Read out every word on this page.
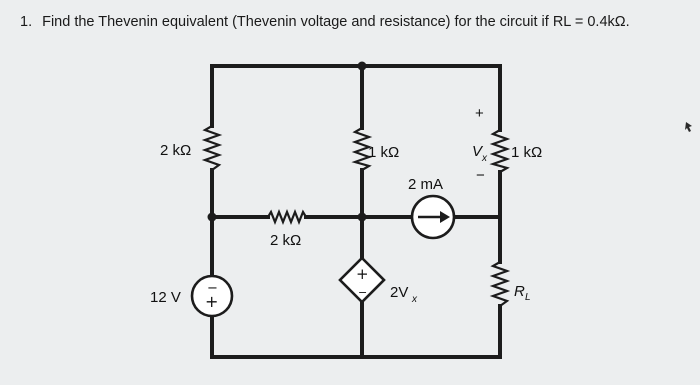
1. Find the Thevenin equivalent (Thevenin voltage and resistance) for the circuit if RL = 0.4kΩ.
2 kΩ	1 kΩ	1 kΩ
+
V x
−
2 kΩ
2 mA
−
+
12 V
+
− 2V x	R L
